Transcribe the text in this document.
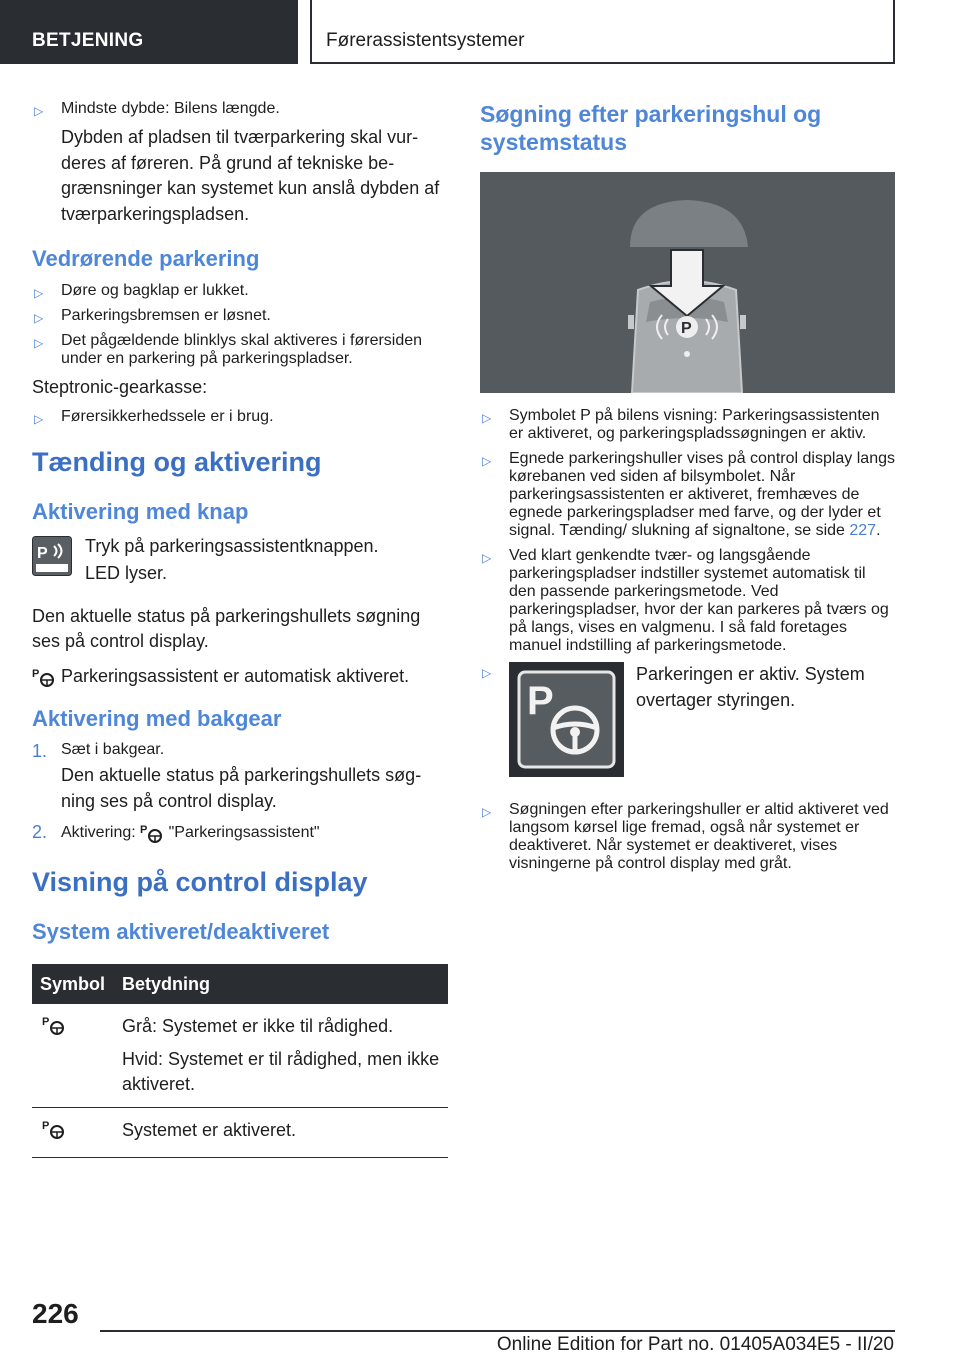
BETJENING	Førerassistentsystemer
▷ Mindste dybde: Bilens længde.

Dybden af pladsen til tværparkering skal vurderes af føreren. På grund af tekniske begrænsninger kan systemet kun anslå dybden af tværparkeringspladsen.

Vedrørende parkering
▷ Døre og bagklap er lukket.
▷ Parkeringsbremsen er løsnet.
▷ Det pågældende blinklys skal aktiveres i førersiden under en parkering på parkeringspladser.

Steptronic-gearkasse:

▷ Førersikkerhedssele er i brug.
Tænding og aktivering
Aktivering med knap
P Tryk på parkeringsassistentknappen.

LED lyser.

Den aktuelle status på parkeringshullets søgning ses på control display.

P Parkeringsassistent er automatisk aktiveret.

Aktivering med bakgear
1. Sæt i bakgear.

Den aktuelle status på parkeringshullets søgning ses på control display.

2. Aktivering: P "Parkeringsassistent"
Visning på control display
System aktiveret/deaktiveret
Symbol	Betydning

P	Grå: Systemet er ikke til rådighed.
Hvid: Systemet er til rådighed, men ikke aktiveret.

P	Systemet er aktiveret.
Søgning efter parkeringshul og systemstatus
P
▷ Symbolet P på bilens visning: Parkeringsassistenten er aktiveret, og parkeringspladssøgningen er aktiv.
▷ Egnede parkeringshuller vises på control display langs kørebanen ved siden af bilsymbolet. Når parkeringsassistenten er aktiveret, fremhæves de egnede parkeringspladser med farve, og der lyder et signal. Tænding/ slukning af signaltone, se side 227.
▷ Ved klart genkendte tvær- og langsgående parkeringspladser indstiller systemet automatisk til den passende parkeringsmetode. Ved parkeringspladser, hvor der kan parkeres på tværs og på langs, vises en valgmenu. I så fald foretages manuel indstilling af parkeringsmetode.
▷
P

Parkeringen er aktiv. System overtager styringen.

▷ Søgningen efter parkeringshuller er altid aktiveret ved langsom kørsel lige fremad, også når systemet er deaktiveret. Når systemet er deaktiveret, vises visningerne på control display med gråt.
226
Online Edition for Part no. 01405A034E5 - II/20
